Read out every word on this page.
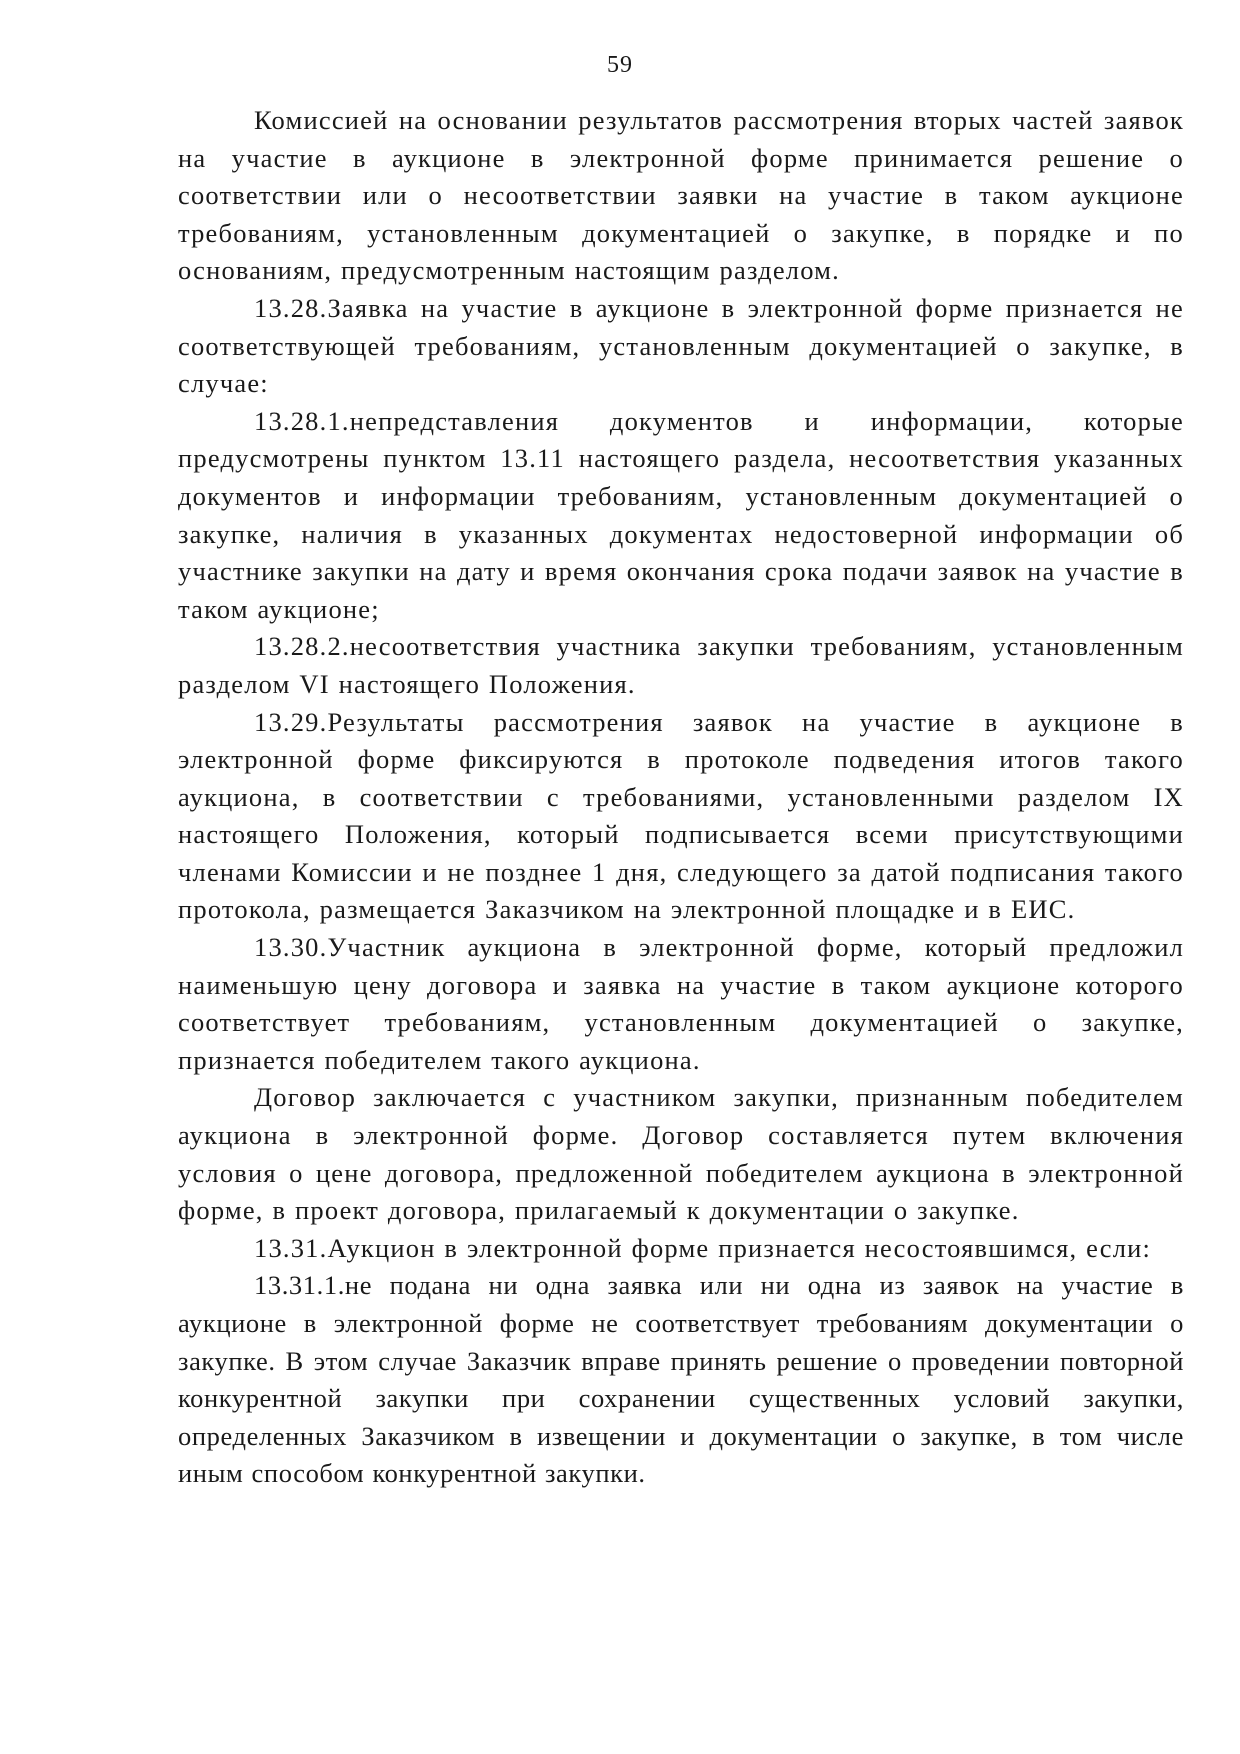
59

Комиссией на основании результатов рассмотрения вторых частей заявок на участие в аукционе в электронной форме принимается решение о соответствии или о несоответствии заявки на участие в таком аукционе требованиям, установленным документацией о закупке, в порядке и по основаниям, предусмотренным настоящим разделом.

13.28.Заявка на участие в аукционе в электронной форме признается не соответствующей требованиям, установленным документацией о закупке, в случае:

13.28.1.непредставления документов и информации, которые предусмотрены пунктом 13.11 настоящего раздела, несоответствия указанных документов и информации требованиям, установленным документацией о закупке, наличия в указанных документах недостоверной информации об участнике закупки на дату и время окончания срока подачи заявок на участие в таком аукционе;

13.28.2.несоответствия участника закупки требованиям, установленным разделом VI настоящего Положения.

13.29.Результаты рассмотрения заявок на участие в аукционе в электронной форме фиксируются в протоколе подведения итогов такого аукциона, в соответствии с требованиями, установленными разделом IX настоящего Положения, который подписывается всеми присутствующими членами Комиссии и не позднее 1 дня, следующего за датой подписания такого протокола, размещается Заказчиком на электронной площадке и в ЕИС.

13.30.Участник аукциона в электронной форме, который предложил наименьшую цену договора и заявка на участие в таком аукционе которого соответствует требованиям, установленным документацией о закупке, признается победителем такого аукциона.

Договор заключается с участником закупки, признанным победителем аукциона в электронной форме. Договор составляется путем включения условия о цене договора, предложенной победителем аукциона в электронной форме, в проект договора, прилагаемый к документации о закупке.

13.31.Аукцион в электронной форме признается несостоявшимся, если:

13.31.1.не подана ни одна заявка или ни одна из заявок на участие в аукционе в электронной форме не соответствует требованиям документации о закупке. В этом случае Заказчик вправе принять решение о проведении повторной конкурентной закупки при сохранении существенных условий закупки, определенных Заказчиком в извещении и документации о закупке, в том числе иным способом конкурентной закупки.
